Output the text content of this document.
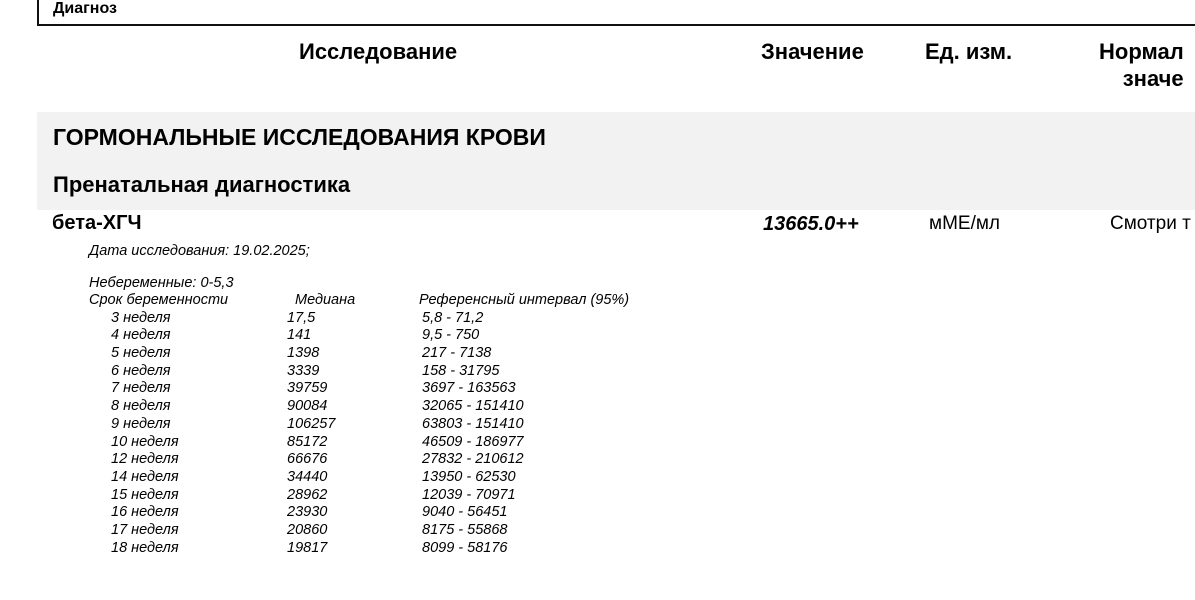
Диагноз
Исследование	Значение	Ед. изм.	Нормал
значе
ГОРМОНАЛЬНЫЕ ИССЛЕДОВАНИЯ КРОВИ
Пренатальная диагностика
бета-ХГЧ	13665.0++	мМЕ/мл	Смотри т
Дата исследования: 19.02.2025;
Небеременные: 0-5,3
Срок беременности	Медиана	Референсный интервал (95%)
3 неделя	17,5	5,8 - 71,2
4 неделя	141	9,5 - 750
5 неделя	1398	217 - 7138
6 неделя	3339	158 - 31795
7 неделя	39759	3697 - 163563
8 неделя	90084	32065 - 151410
9 неделя	106257	63803 - 151410
10 неделя	85172	46509 - 186977
12 неделя	66676	27832 - 210612
14 неделя	34440	13950 - 62530
15 неделя	28962	12039 - 70971
16 неделя	23930	9040 - 56451
17 неделя	20860	8175 - 55868
18 неделя	19817	8099 - 58176
